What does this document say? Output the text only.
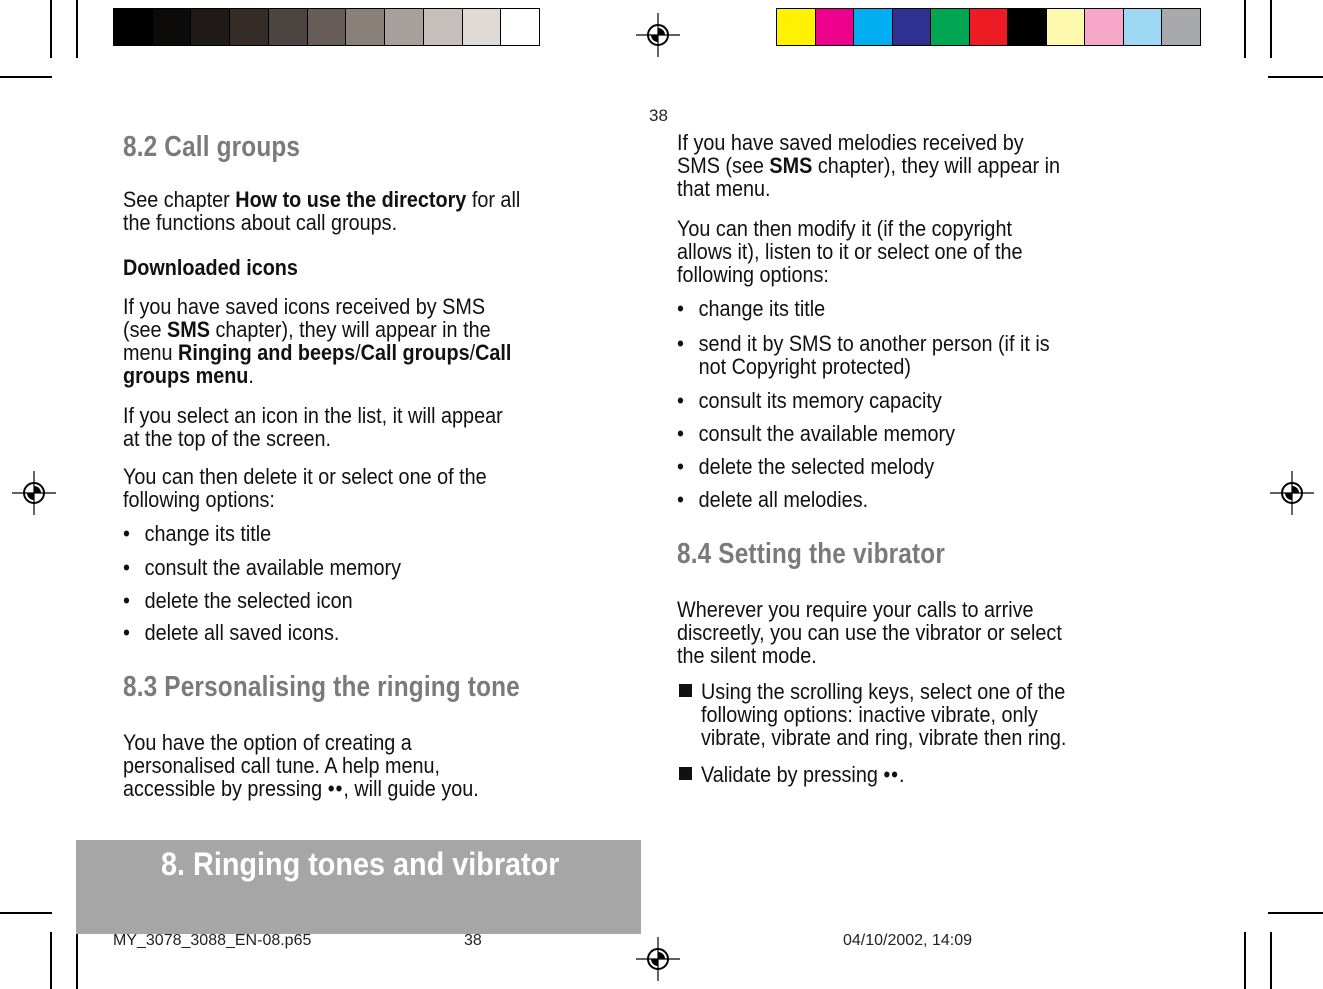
38
8.2 Call groups
See chapter How to use the directory for all
the functions about call groups.
Downloaded icons
If you have saved icons received by SMS
(see SMS chapter), they will appear in the
menu Ringing and beeps/Call groups/Call
groups menu.
If you select an icon in the list, it will appear
at the top of the screen.
You can then delete it or select one of the
following options:
• change its title
• consult the available memory
• delete the selected icon
• delete all saved icons.
8.3 Personalising the ringing tone
You have the option of creating a
personalised call tune. A help menu,
accessible by pressing ••, will guide you.
8. Ringing tones and vibrator
If you have saved melodies received by
SMS (see SMS chapter), they will appear in
that menu.
You can then modify it (if the copyright
allows it), listen to it or select one of the
following options:
• change its title
• send it by SMS to another person (if it is
not Copyright protected)
• consult its memory capacity
• consult the available memory
• delete the selected melody
• delete all melodies.
8.4 Setting the vibrator
Wherever you require your calls to arrive
discreetly, you can use the vibrator or select
the silent mode.
Using the scrolling keys, select one of the
following options: inactive vibrate, only
vibrate, vibrate and ring, vibrate then ring.
Validate by pressing ••.
MY_3078_3088_EN-08.p65	38	04/10/2002, 14:09
